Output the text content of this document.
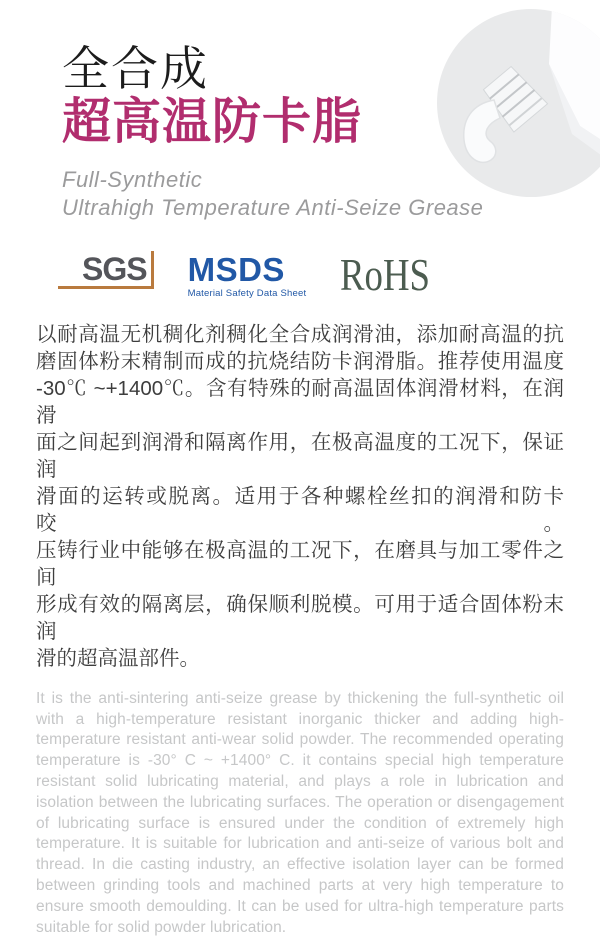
全合成
超高温防卡脂
Full-Synthetic
Ultrahigh Temperature Anti-Seize Grease
SGS MSDS
Material Safety Data Sheet RoHS
以耐高温无机稠化剂稠化全合成润滑油，添加耐高温的抗
磨固体粉末精制而成的抗烧结防卡润滑脂。推荐使用温度
-30℃ ~+1400℃。含有特殊的耐高温固体润滑材料，在润滑
面之间起到润滑和隔离作用，在极高温度的工况下，保证润
滑面的运转或脱离。适用于各种螺栓丝扣的润滑和防卡咬。
压铸行业中能够在极高温的工况下，在磨具与加工零件之间
形成有效的隔离层，确保顺利脱模。可用于适合固体粉末润
滑的超高温部件。
It is the anti-sintering anti-seize grease by thickening the full-synthetic oil with a high-temperature resistant inorganic thicker and adding high-temperature resistant anti-wear solid powder. The recommended operating temperature is -30° C ~ +1400° C. it contains special high temperature resistant solid lubricating material, and plays a role in lubrication and isolation between the lubricating surfaces. The operation or disengagement of lubricating surface is ensured under the condition of extremely high temperature. It is suitable for lubrication and anti-seize of various bolt and thread. In die casting industry, an effective isolation layer can be formed between grinding tools and machined parts at very high temperature to ensure smooth demoulding. It can be used for ultra-high temperature parts suitable for solid powder lubrication.
